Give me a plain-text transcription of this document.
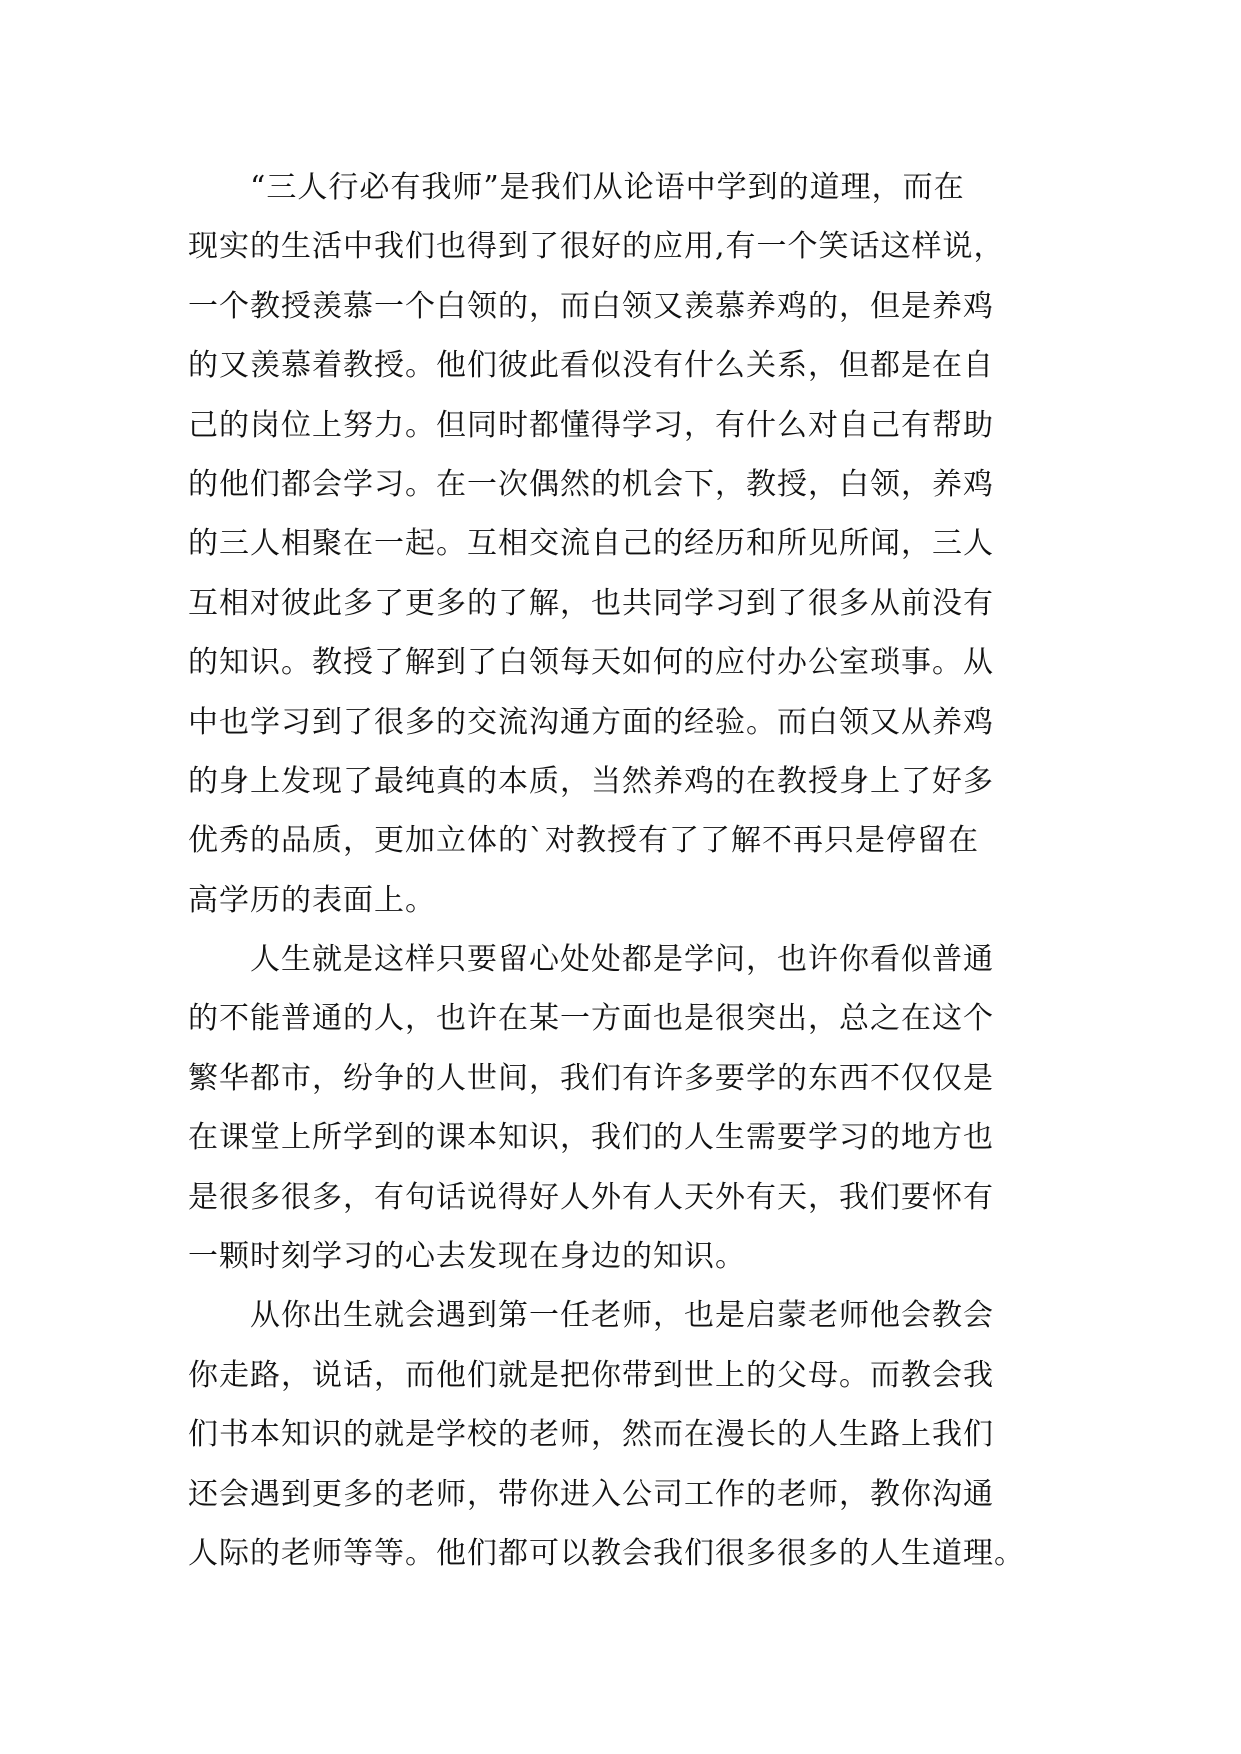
“三人行必有我师”是我们从论语中学到的道理，而在
现实的生活中我们也得到了很好的应用,有一个笑话这样说，
一个教授羡慕一个白领的，而白领又羡慕养鸡的，但是养鸡
的又羡慕着教授。他们彼此看似没有什么关系，但都是在自
己的岗位上努力。但同时都懂得学习，有什么对自己有帮助
的他们都会学习。在一次偶然的机会下，教授，白领，养鸡
的三人相聚在一起。互相交流自己的经历和所见所闻，三人
互相对彼此多了更多的了解，也共同学习到了很多从前没有
的知识。教授了解到了白领每天如何的应付办公室琐事。从
中也学习到了很多的交流沟通方面的经验。而白领又从养鸡
的身上发现了最纯真的本质，当然养鸡的在教授身上了好多
优秀的品质，更加立体的`对教授有了了解不再只是停留在
高学历的表面上。
人生就是这样只要留心处处都是学问，也许你看似普通
的不能普通的人，也许在某一方面也是很突出，总之在这个
繁华都市，纷争的人世间，我们有许多要学的东西不仅仅是
在课堂上所学到的课本知识，我们的人生需要学习的地方也
是很多很多，有句话说得好人外有人天外有天，我们要怀有
一颗时刻学习的心去发现在身边的知识。
从你出生就会遇到第一任老师，也是启蒙老师他会教会
你走路，说话，而他们就是把你带到世上的父母。而教会我
们书本知识的就是学校的老师，然而在漫长的人生路上我们
还会遇到更多的老师，带你进入公司工作的老师，教你沟通
人际的老师等等。他们都可以教会我们很多很多的人生道理。
